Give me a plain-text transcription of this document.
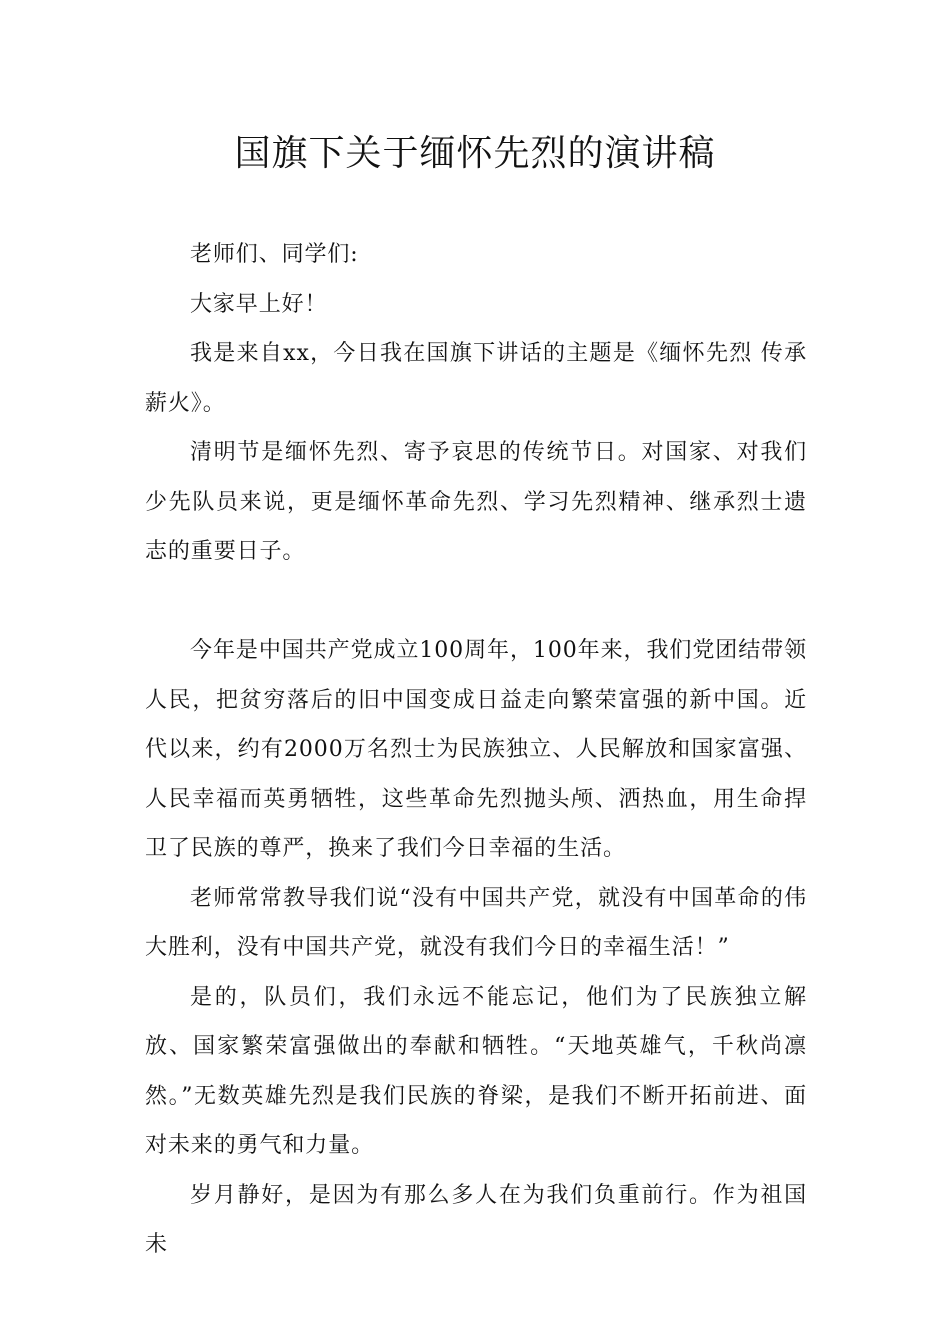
国旗下关于缅怀先烈的演讲稿

老师们、同学们:

大家早上好！

我是来自xx，今日我在国旗下讲话的主题是《缅怀先烈 传承薪火》。

清明节是缅怀先烈、寄予哀思的传统节日。对国家、对我们少先队员来说，更是缅怀革命先烈、学习先烈精神、继承烈士遗志的重要日子。

今年是中国共产党成立100周年，100年来，我们党团结带领人民，把贫穷落后的旧中国变成日益走向繁荣富强的新中国。近代以来，约有2000万名烈士为民族独立、人民解放和国家富强、人民幸福而英勇牺牲，这些革命先烈抛头颅、洒热血，用生命捍卫了民族的尊严，换来了我们今日幸福的生活。

老师常常教导我们说“没有中国共产党，就没有中国革命的伟大胜利，没有中国共产党，就没有我们今日的幸福生活！”

是的，队员们，我们永远不能忘记，他们为了民族独立解放、国家繁荣富强做出的奉献和牺牲。“天地英雄气，千秋尚凛然。”无数英雄先烈是我们民族的脊梁，是我们不断开拓前进、面对未来的勇气和力量。

岁月静好，是因为有那么多人在为我们负重前行。作为祖国未
